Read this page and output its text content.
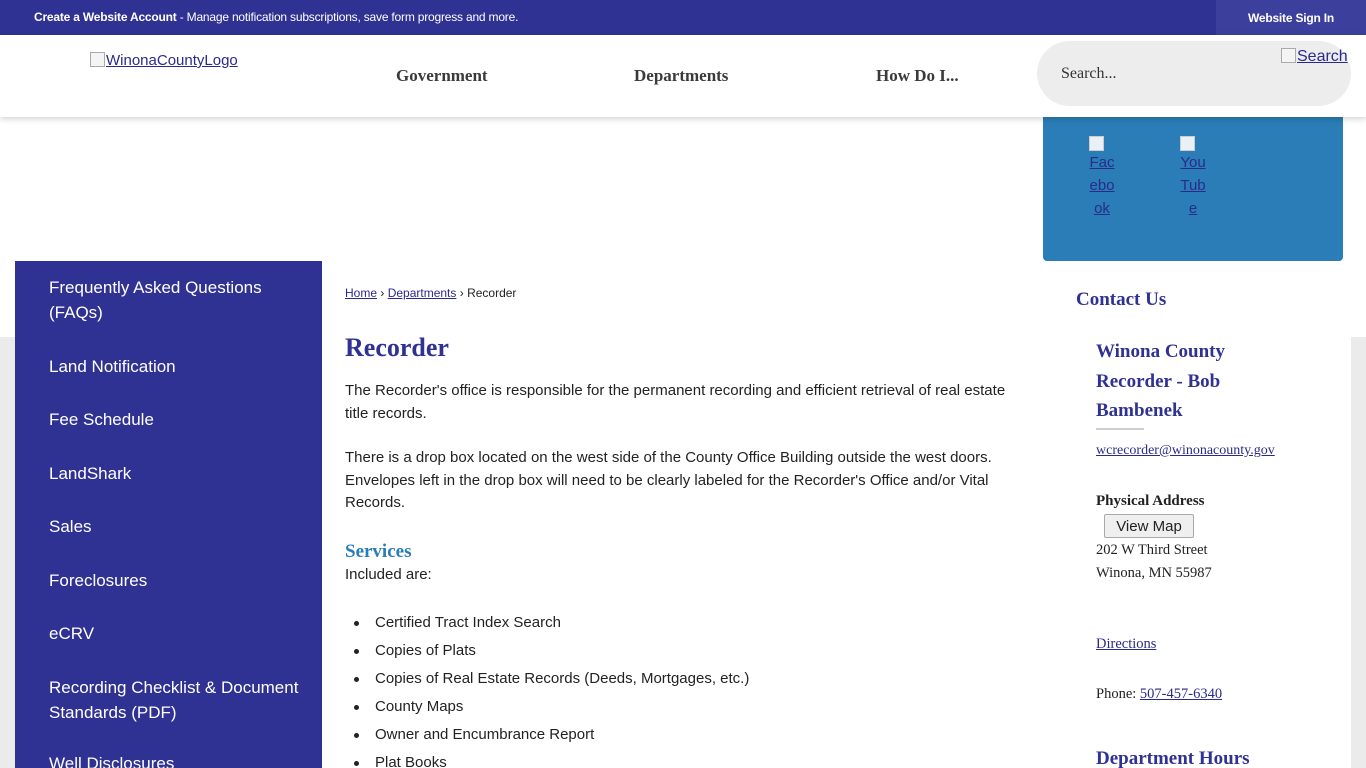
Create a Website Account - Manage notification subscriptions, save form progress and more.	Website Sign In
WinonaCountyLogo
Government	Departments	How Do I...	Search...
Search
Facebook
YouTube
Frequently Asked Questions (FAQs)
Land Notification
Fee Schedule
LandShark
Sales
Foreclosures
eCRV
Recording Checklist & Document Standards (PDF)
Well Disclosures
Home › Departments › Recorder
Recorder
The Recorder's office is responsible for the permanent recording and efficient retrieval of real estate title records.
There is a drop box located on the west side of the County Office Building outside the west doors. Envelopes left in the drop box will need to be clearly labeled for the Recorder's Office and/or Vital Records.
Services
Included are:
Certified Tract Index Search
Copies of Plats
Copies of Real Estate Records (Deeds, Mortgages, etc.)
County Maps
Owner and Encumbrance Report
Plat Books
Contact Us
Winona County Recorder - Bob Bambenek
wcrecorder@winonacounty.gov
Physical Address
View Map
202 W Third Street
Winona, MN 55987
Directions
Phone: 507-457-6340
Department Hours
